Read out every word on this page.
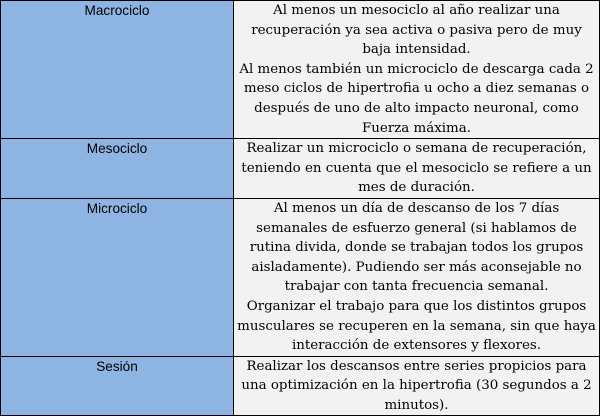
Macrociclo	Al menos un mesociclo al año realizar una recuperación ya sea activa o pasiva pero de muy baja intensidad.
Al menos también un microciclo de descarga cada 2 meso ciclos de hipertrofia u ocho a diez semanas o después de uno de alto impacto neuronal, como Fuerza máxima.

Mesociclo	Realizar un microciclo o semana de recuperación, teniendo en cuenta que el mesociclo se refiere a un mes de duración.

Microciclo	Al menos un día de descanso de los 7 días semanales de esfuerzo general (si hablamos de rutina divida, donde se trabajan todos los grupos aisladamente). Pudiendo ser más aconsejable no trabajar con tanta frecuencia semanal.
Organizar el trabajo para que los distintos grupos musculares se recuperen en la semana, sin que haya interacción de extensores y flexores.

Sesión	Realizar los descansos entre series propicios para una optimización en la hipertrofia (30 segundos a 2 minutos).
